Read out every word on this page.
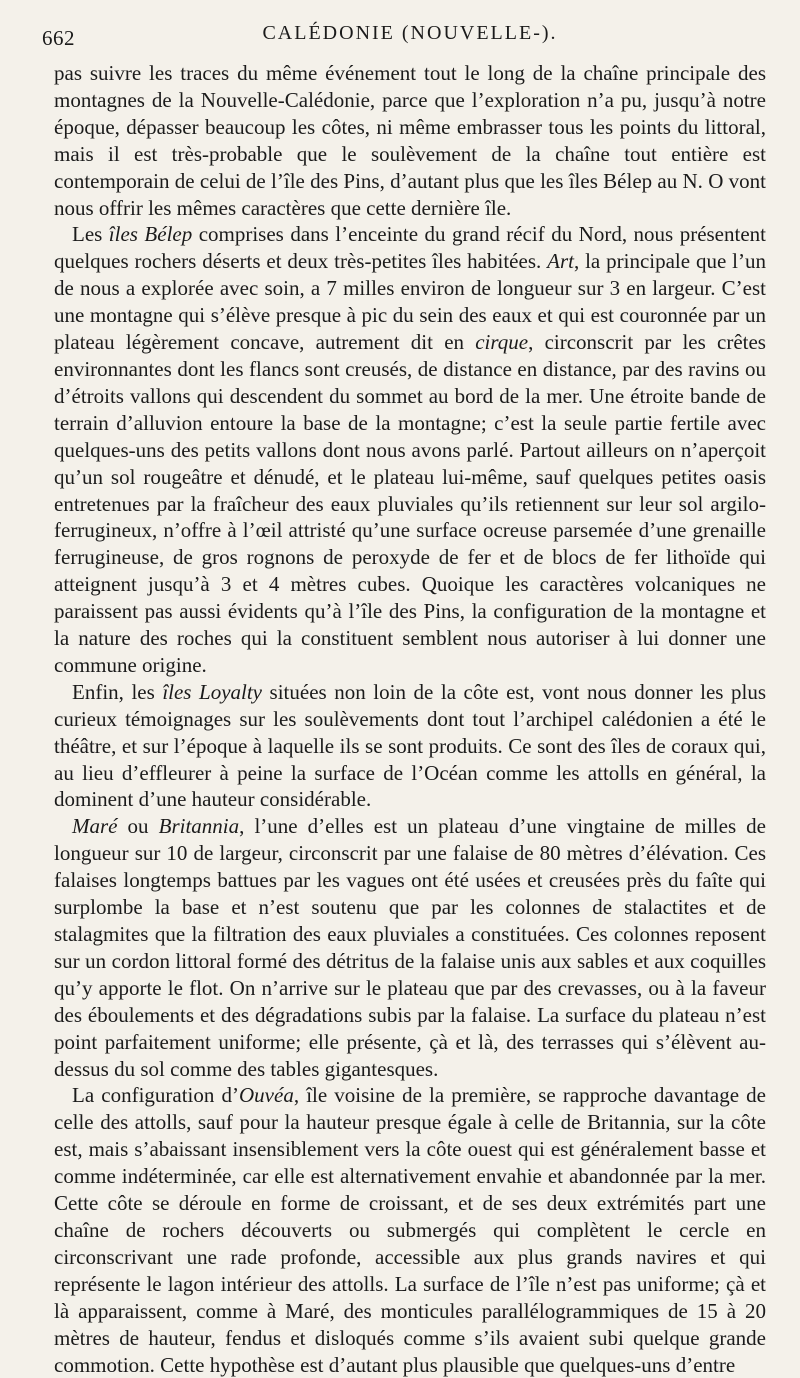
662	CALÉDONIE (NOUVELLE-).

pas suivre les traces du même événement tout le long de la chaîne principale des montagnes de la Nouvelle-Calédonie, parce que l’exploration n’a pu, jusqu’à notre époque, dépasser beaucoup les côtes, ni même embrasser tous les points du littoral, mais il est très-probable que le soulèvement de la chaîne tout entière est contemporain de celui de l’île des Pins, d’autant plus que les îles Bélep au N. O vont nous offrir les mêmes caractères que cette dernière île.

Les îles Bélep comprises dans l’enceinte du grand récif du Nord, nous présentent quelques rochers déserts et deux très-petites îles habitées. Art, la principale que l’un de nous a explorée avec soin, a 7 milles environ de longueur sur 3 en largeur. C’est une montagne qui s’élève presque à pic du sein des eaux et qui est couronnée par un plateau légèrement concave, autrement dit en cirque, circonscrit par les crêtes environnantes dont les flancs sont creusés, de distance en distance, par des ravins ou d’étroits vallons qui descendent du sommet au bord de la mer. Une étroite bande de terrain d’alluvion entoure la base de la montagne; c’est la seule partie fertile avec quelques-uns des petits vallons dont nous avons parlé. Partout ailleurs on n’aperçoit qu’un sol rougeâtre et dénudé, et le plateau lui-même, sauf quelques petites oasis entretenues par la fraîcheur des eaux pluviales qu’ils retiennent sur leur sol argilo-ferrugineux, n’offre à l’œil attristé qu’une surface ocreuse parsemée d’une grenaille ferrugineuse, de gros rognons de peroxyde de fer et de blocs de fer lithoïde qui atteignent jusqu’à 3 et 4 mètres cubes. Quoique les caractères volcaniques ne paraissent pas aussi évidents qu’à l’île des Pins, la configuration de la montagne et la nature des roches qui la constituent semblent nous autoriser à lui donner une commune origine.

Enfin, les îles Loyalty situées non loin de la côte est, vont nous donner les plus curieux témoignages sur les soulèvements dont tout l’archipel calédonien a été le théâtre, et sur l’époque à laquelle ils se sont produits. Ce sont des îles de coraux qui, au lieu d’effleurer à peine la surface de l’Océan comme les attolls en général, la dominent d’une hauteur considérable.

Maré ou Britannia, l’une d’elles est un plateau d’une vingtaine de milles de longueur sur 10 de largeur, circonscrit par une falaise de 80 mètres d’élévation. Ces falaises longtemps battues par les vagues ont été usées et creusées près du faîte qui surplombe la base et n’est soutenu que par les colonnes de stalactites et de stalagmites que la filtration des eaux pluviales a constituées. Ces colonnes reposent sur un cordon littoral formé des détritus de la falaise unis aux sables et aux coquilles qu’y apporte le flot. On n’arrive sur le plateau que par des crevasses, ou à la faveur des éboulements et des dégradations subis par la falaise. La surface du plateau n’est point parfaitement uniforme; elle présente, çà et là, des terrasses qui s’élèvent au-dessus du sol comme des tables gigantesques.

La configuration d’Ouvéa, île voisine de la première, se rapproche davantage de celle des attolls, sauf pour la hauteur presque égale à celle de Britannia, sur la côte est, mais s’abaissant insensiblement vers la côte ouest qui est généralement basse et comme indéterminée, car elle est alternativement envahie et abandonnée par la mer. Cette côte se déroule en forme de croissant, et de ses deux extrémités part une chaîne de rochers découverts ou submergés qui complètent le cercle en circonscrivant une rade profonde, accessible aux plus grands navires et qui représente le lagon intérieur des attolls. La surface de l’île n’est pas uniforme; çà et là apparaissent, comme à Maré, des monticules parallélogrammiques de 15 à 20 mètres de hauteur, fendus et disloqués comme s’ils avaient subi quelque grande commotion. Cette hypothèse est d’autant plus plausible que quelques-uns d’entre
